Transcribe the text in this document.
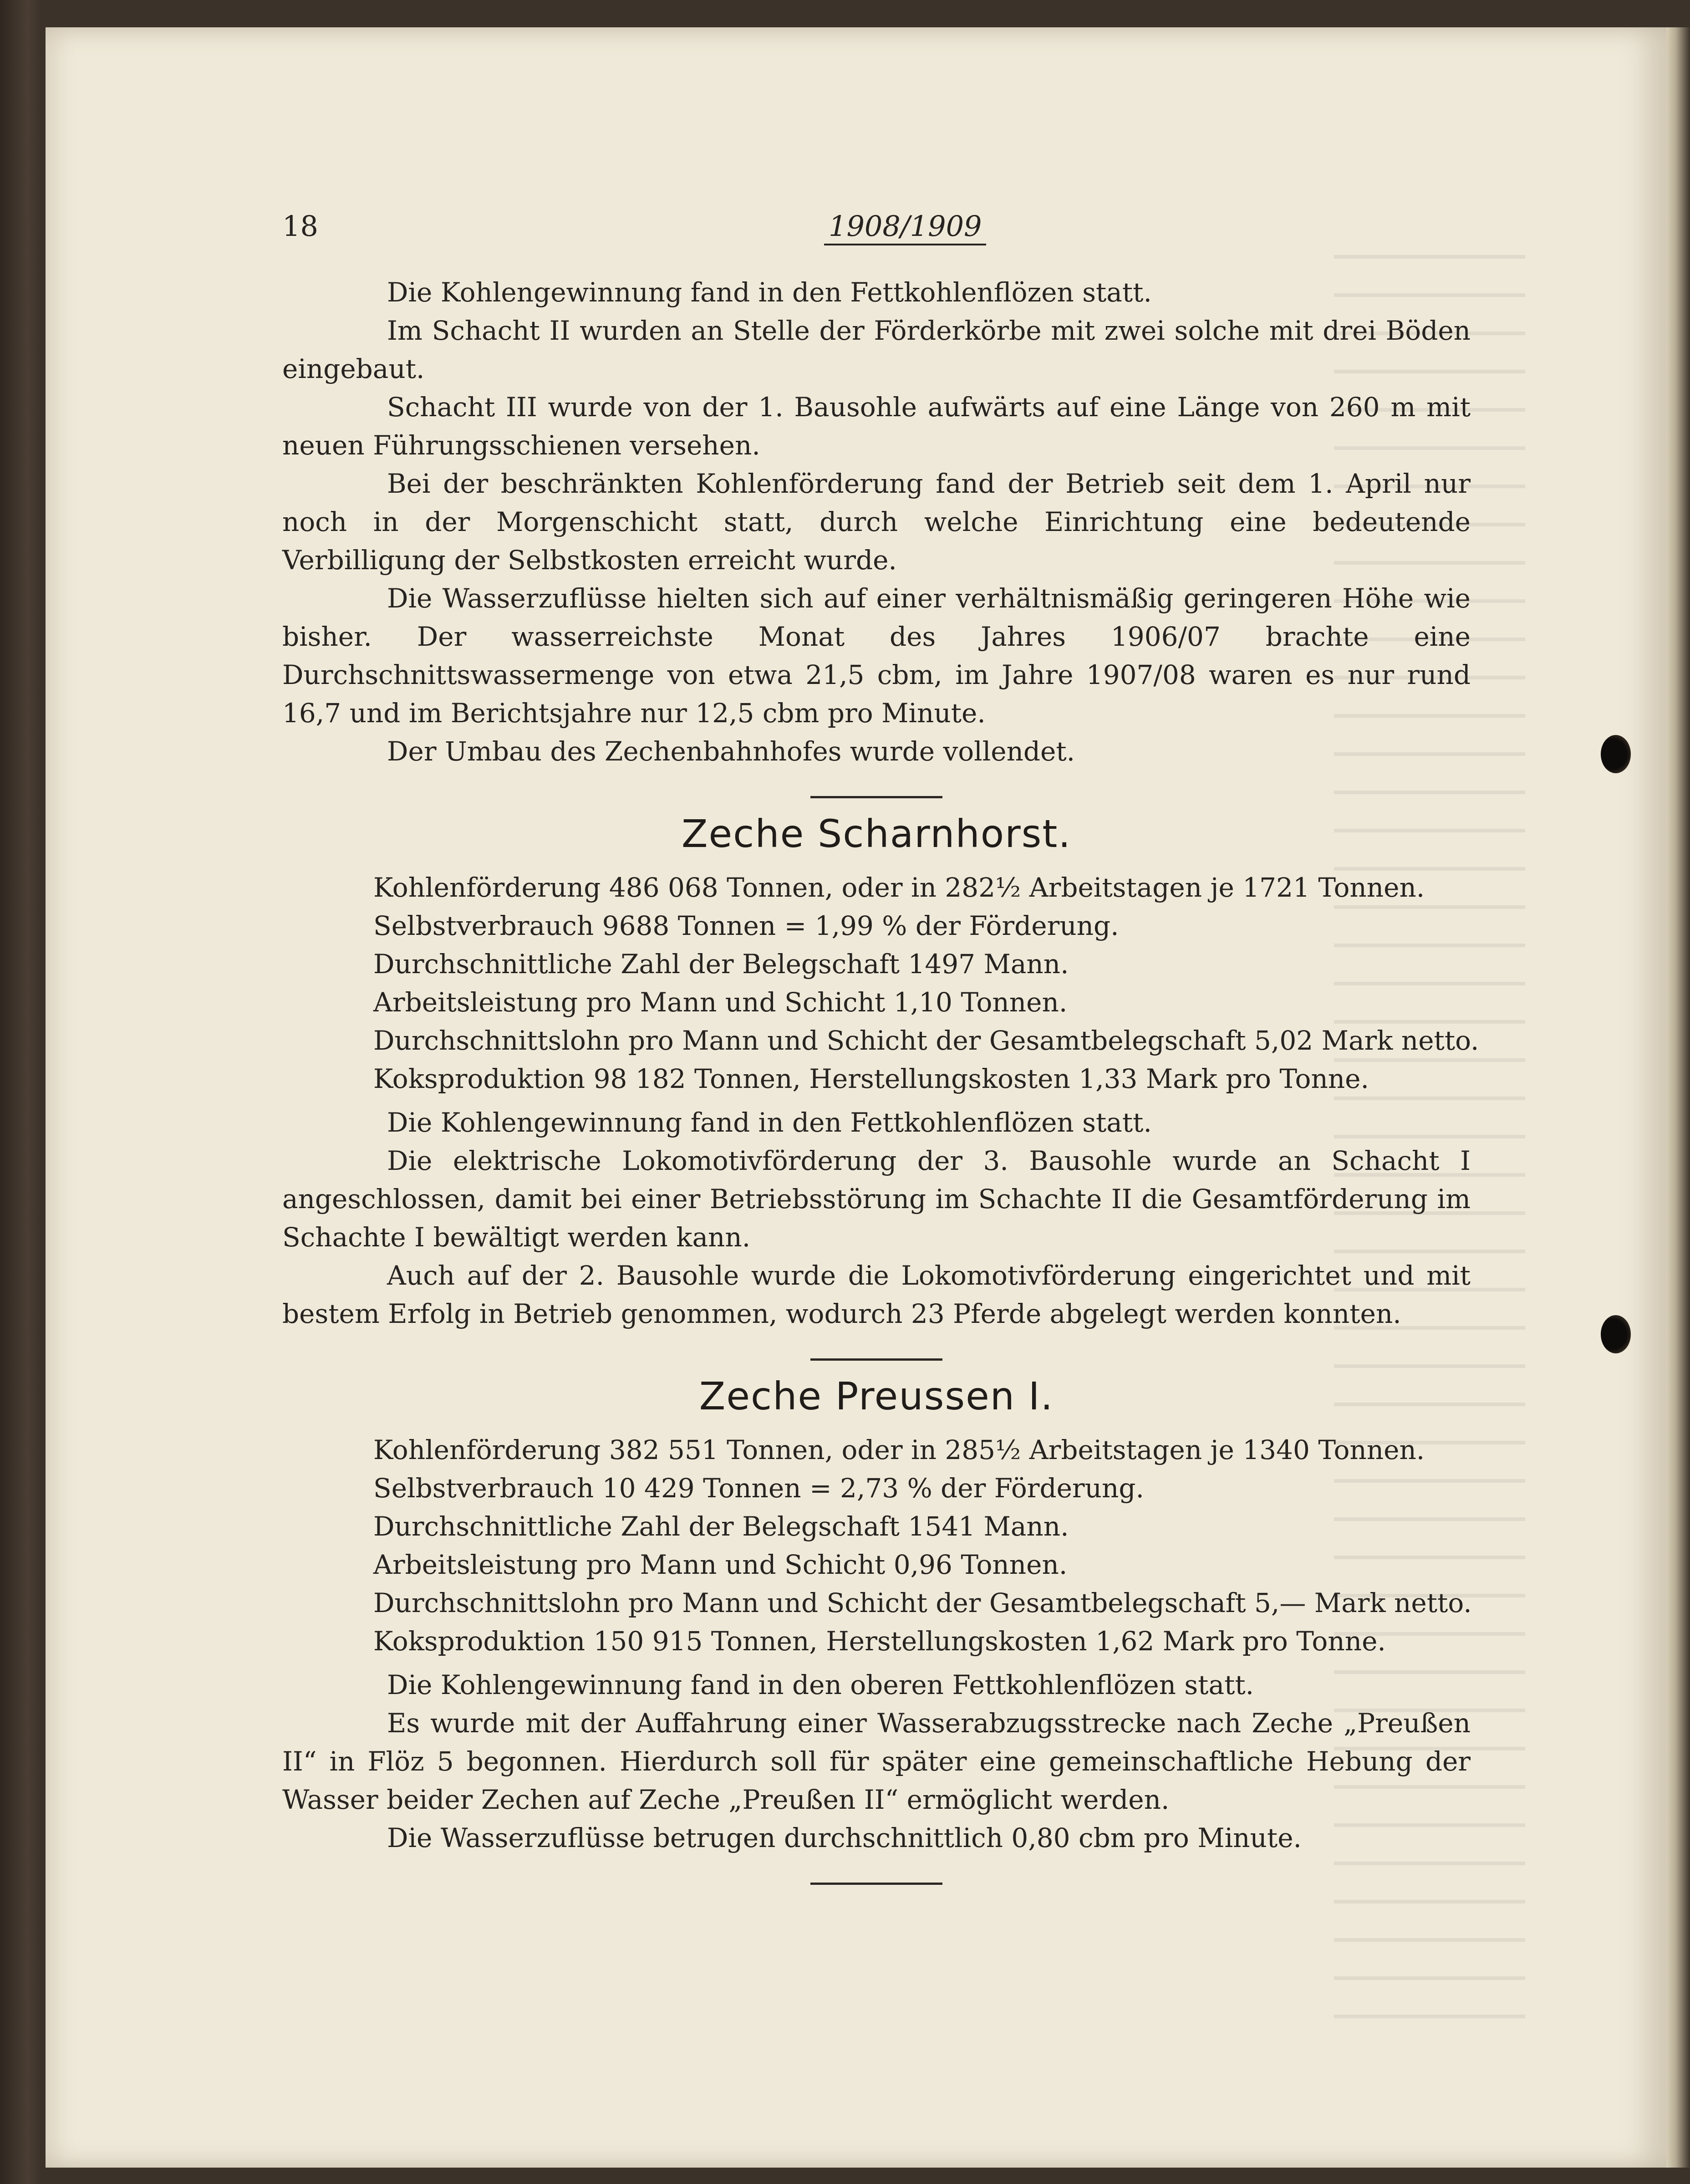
18	1908/1909

Die Kohlengewinnung fand in den Fettkohlenflözen statt.

Im Schacht II wurden an Stelle der Förderkörbe mit zwei solche mit drei Böden eingebaut.

Schacht III wurde von der 1. Bausohle aufwärts auf eine Länge von 260 m mit neuen Führungsschienen versehen.

Bei der beschränkten Kohlenförderung fand der Betrieb seit dem 1. April nur noch in der Morgenschicht statt, durch welche Einrichtung eine bedeutende Verbilligung der Selbstkosten erreicht wurde.

Die Wasserzuflüsse hielten sich auf einer verhältnismäßig geringeren Höhe wie bisher. Der wasserreichste Monat des Jahres 1906/07 brachte eine Durchschnittswassermenge von etwa 21,5 cbm, im Jahre 1907/08 waren es nur rund 16,7 und im Berichtsjahre nur 12,5 cbm pro Minute.

Der Umbau des Zechenbahnhofes wurde vollendet.

Zeche Scharnhorst.

Kohlenförderung 486 068 Tonnen, oder in 282½ Arbeitstagen je 1721 Tonnen.

Selbstverbrauch 9688 Tonnen = 1,99 % der Förderung.

Durchschnittliche Zahl der Belegschaft 1497 Mann.

Arbeitsleistung pro Mann und Schicht 1,10 Tonnen.

Durchschnittslohn pro Mann und Schicht der Gesamtbelegschaft 5,02 Mark netto.

Koksproduktion 98 182 Tonnen, Herstellungskosten 1,33 Mark pro Tonne.

Die Kohlengewinnung fand in den Fettkohlenflözen statt.

Die elektrische Lokomotivförderung der 3. Bausohle wurde an Schacht I angeschlossen, damit bei einer Betriebsstörung im Schachte II die Gesamtförderung im Schachte I bewältigt werden kann.

Auch auf der 2. Bausohle wurde die Lokomotivförderung eingerichtet und mit bestem Erfolg in Betrieb genommen, wodurch 23 Pferde abgelegt werden konnten.

Zeche Preussen I.

Kohlenförderung 382 551 Tonnen, oder in 285½ Arbeitstagen je 1340 Tonnen.

Selbstverbrauch 10 429 Tonnen = 2,73 % der Förderung.

Durchschnittliche Zahl der Belegschaft 1541 Mann.

Arbeitsleistung pro Mann und Schicht 0,96 Tonnen.

Durchschnittslohn pro Mann und Schicht der Gesamtbelegschaft 5,— Mark netto.

Koksproduktion 150 915 Tonnen, Herstellungskosten 1,62 Mark pro Tonne.

Die Kohlengewinnung fand in den oberen Fettkohlenflözen statt.

Es wurde mit der Auffahrung einer Wasserabzugsstrecke nach Zeche „Preußen II“ in Flöz 5 begonnen. Hierdurch soll für später eine gemeinschaftliche Hebung der Wasser beider Zechen auf Zeche „Preußen II“ ermöglicht werden.

Die Wasserzuflüsse betrugen durchschnittlich 0,80 cbm pro Minute.
